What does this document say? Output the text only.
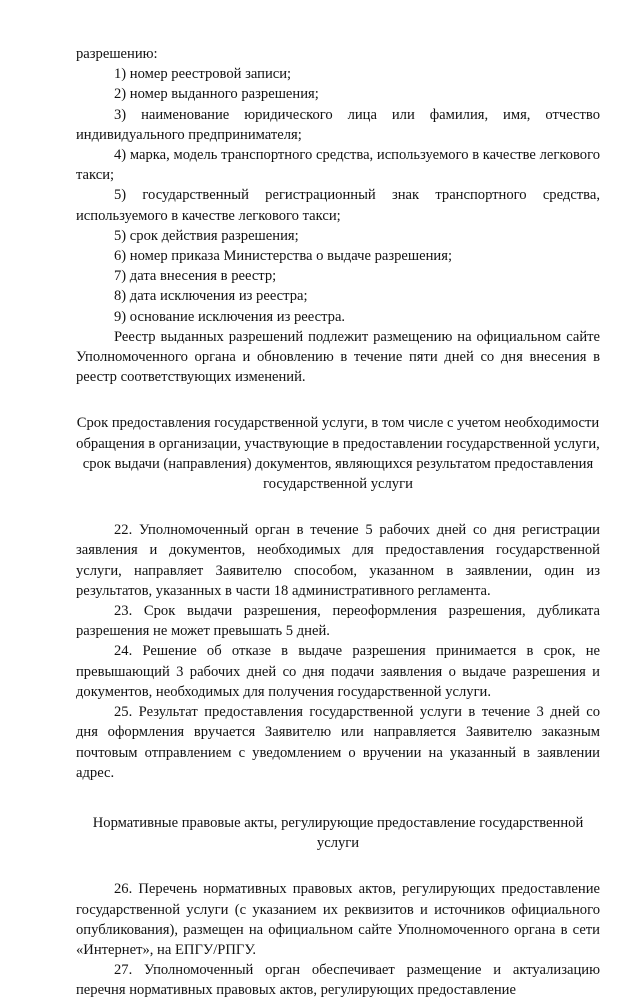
разрешению:

1) номер реестровой записи;

2) номер выданного разрешения;

3) наименование юридического лица или фамилия, имя, отчество индивидуального предпринимателя;

4) марка, модель транспортного средства, используемого в качестве легкового такси;

5) государственный регистрационный знак транспортного средства, используемого в качестве легкового такси;

5) срок действия разрешения;

6) номер приказа Министерства о выдаче разрешения;

7) дата внесения в реестр;

8) дата исключения из реестра;

9) основание исключения из реестра.

Реестр выданных разрешений подлежит размещению на официальном сайте Уполномоченного органа и обновлению в течение пяти дней со дня внесения в реестр соответствующих изменений.

Срок предоставления государственной услуги, в том числе с учетом необходимости обращения в организации, участвующие в предоставлении государственной услуги, срок выдачи (направления) документов, являющихся результатом предоставления государственной услуги

22. Уполномоченный орган в течение 5 рабочих дней со дня регистрации заявления и документов, необходимых для предоставления государственной услуги, направляет Заявителю способом, указанном в заявлении, один из результатов, указанных в части 18 административного регламента.

23. Срок выдачи разрешения, переоформления разрешения, дубликата разрешения не может превышать 5 дней.

24. Решение об отказе в выдаче разрешения принимается в срок, не превышающий 3 рабочих дней со дня подачи заявления о выдаче разрешения и документов, необходимых для получения государственной услуги.

25. Результат предоставления государственной услуги в течение 3 дней со дня оформления вручается Заявителю или направляется Заявителю заказным почтовым отправлением с уведомлением о вручении на указанный в заявлении адрес.

Нормативные правовые акты, регулирующие предоставление государственной услуги

26. Перечень нормативных правовых актов, регулирующих предоставление государственной услуги (с указанием их реквизитов и источников официального опубликования), размещен на официальном сайте Уполномоченного органа в сети «Интернет», на ЕПГУ/РПГУ.

27. Уполномоченный орган обеспечивает размещение и актуализацию перечня нормативных правовых актов, регулирующих предоставление
